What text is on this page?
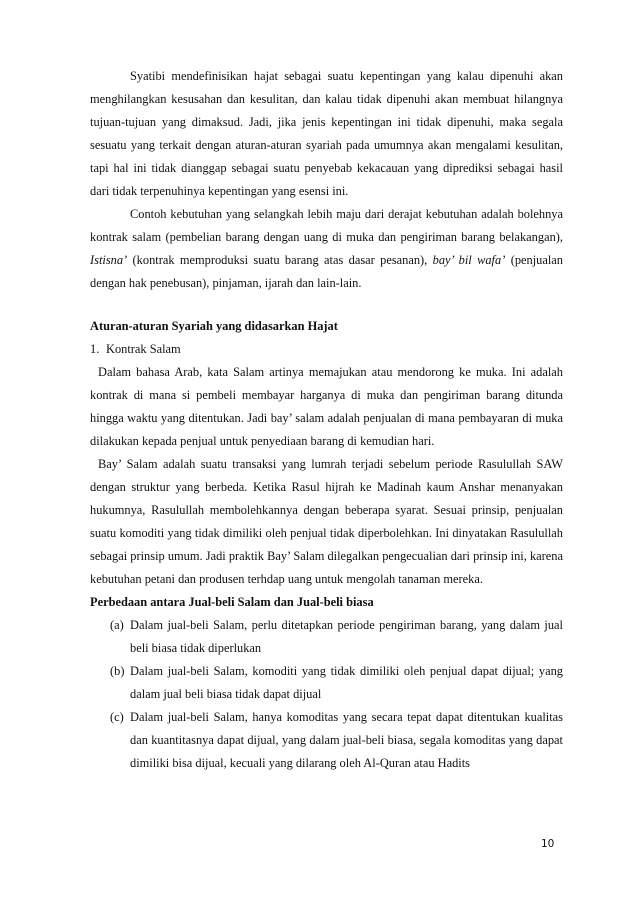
Syatibi mendefinisikan hajat sebagai suatu kepentingan yang kalau dipenuhi akan menghilangkan kesusahan dan kesulitan, dan kalau tidak dipenuhi akan membuat hilangnya tujuan-tujuan yang dimaksud. Jadi, jika jenis kepentingan ini tidak dipenuhi, maka segala sesuatu yang terkait dengan aturan-aturan syariah pada umumnya akan mengalami kesulitan, tapi hal ini tidak dianggap sebagai suatu penyebab kekacauan yang diprediksi sebagai hasil dari tidak terpenuhinya kepentingan yang esensi ini.

Contoh kebutuhan yang selangkah lebih maju dari derajat kebutuhan adalah bolehnya kontrak salam (pembelian barang dengan uang di muka dan pengiriman barang belakangan), Istisna’ (kontrak memproduksi suatu barang atas dasar pesanan), bay’ bil wafa’ (penjualan dengan hak penebusan), pinjaman, ijarah dan lain-lain.

Aturan-aturan Syariah yang didasarkan Hajat
1. Kontrak Salam

Dalam bahasa Arab, kata Salam artinya memajukan atau mendorong ke muka. Ini adalah kontrak di mana si pembeli membayar harganya di muka dan pengiriman barang ditunda hingga waktu yang ditentukan. Jadi bay’ salam adalah penjualan di mana pembayaran di muka dilakukan kepada penjual untuk penyediaan barang di kemudian hari.

Bay’ Salam adalah suatu transaksi yang lumrah terjadi sebelum periode Rasulullah SAW dengan struktur yang berbeda. Ketika Rasul hijrah ke Madinah kaum Anshar menanyakan hukumnya, Rasulullah membolehkannya dengan beberapa syarat. Sesuai prinsip, penjualan suatu komoditi yang tidak dimiliki oleh penjual tidak diperbolehkan. Ini dinyatakan Rasulullah sebagai prinsip umum. Jadi praktik Bay’ Salam dilegalkan pengecualian dari prinsip ini, karena kebutuhan petani dan produsen terhdap uang untuk mengolah tanaman mereka.

Perbedaan antara Jual-beli Salam dan Jual-beli biasa
(a) Dalam jual-beli Salam, perlu ditetapkan periode pengiriman barang, yang dalam jual beli biasa tidak diperlukan
(b) Dalam jual-beli Salam, komoditi yang tidak dimiliki oleh penjual dapat dijual; yang dalam jual beli biasa tidak dapat dijual
(c) Dalam jual-beli Salam, hanya komoditas yang secara tepat dapat ditentukan kualitas dan kuantitasnya dapat dijual, yang dalam jual-beli biasa, segala komoditas yang dapat dimiliki bisa dijual, kecuali yang dilarang oleh Al-Quran atau Hadits
10
